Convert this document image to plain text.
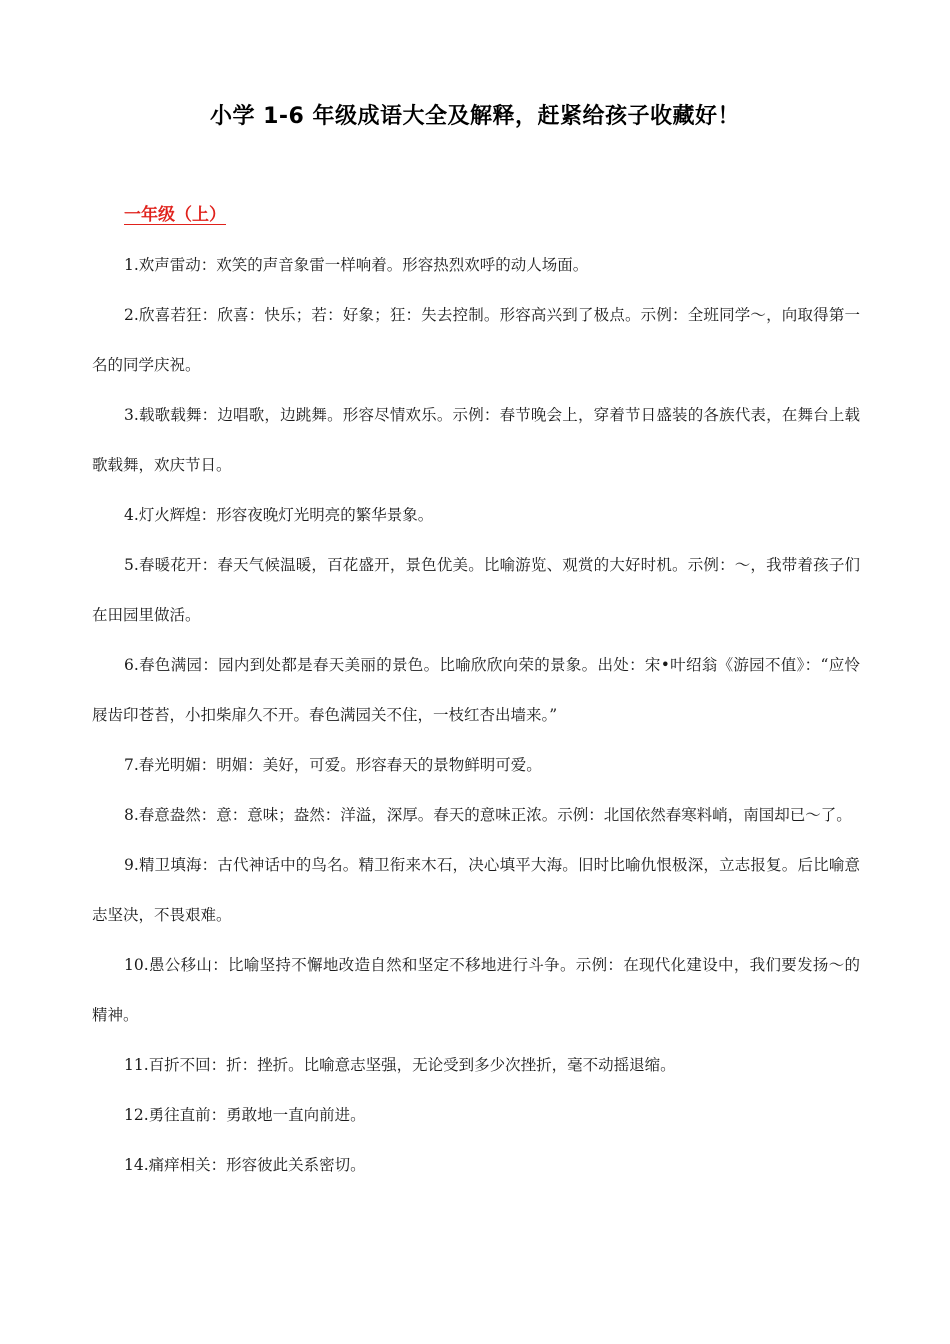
小学 1-6 年级成语大全及解释，赶紧给孩子收藏好！
一年级（上）

1.欢声雷动：欢笑的声音象雷一样响着。形容热烈欢呼的动人场面。

2.欣喜若狂：欣喜：快乐；若：好象；狂：失去控制。形容高兴到了极点。示例：全班同学～，向取得第一名的同学庆祝。

3.载歌载舞：边唱歌，边跳舞。形容尽情欢乐。示例：春节晚会上，穿着节日盛装的各族代表，在舞台上载歌载舞，欢庆节日。

4.灯火辉煌：形容夜晚灯光明亮的繁华景象。

5.春暖花开：春天气候温暖，百花盛开，景色优美。比喻游览、观赏的大好时机。示例：～，我带着孩子们在田园里做活。

6.春色满园：园内到处都是春天美丽的景色。比喻欣欣向荣的景象。出处：宋•叶绍翁《游园不值》：“应怜屐齿印苍苔，小扣柴扉久不开。春色满园关不住，一枝红杏出墙来。”

7.春光明媚：明媚：美好，可爱。形容春天的景物鲜明可爱。

8.春意盎然：意：意味；盎然：洋溢，深厚。春天的意味正浓。示例：北国依然春寒料峭，南国却已～了。

9.精卫填海：古代神话中的鸟名。精卫衔来木石，决心填平大海。旧时比喻仇恨极深，立志报复。后比喻意志坚决，不畏艰难。

10.愚公移山：比喻坚持不懈地改造自然和坚定不移地进行斗争。示例：在现代化建设中，我们要发扬～的精神。

11.百折不回：折：挫折。比喻意志坚强，无论受到多少次挫折，毫不动摇退缩。

12.勇往直前：勇敢地一直向前进。

14.痛痒相关：形容彼此关系密切。
